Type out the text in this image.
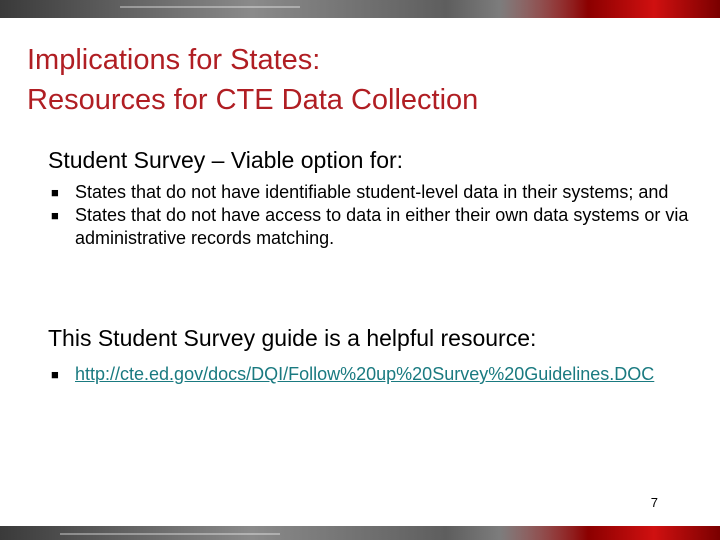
Implications for States:
Resources for CTE Data Collection
Student Survey – Viable option for:
■ States that do not have identifiable student-level data in their systems; and
■ States that do not have access to data in either their own data systems or via administrative records matching.
This Student Survey guide is a helpful resource:
■ http://cte.ed.gov/docs/DQI/Follow%20up%20Survey%20Guidelines.DOC
7
